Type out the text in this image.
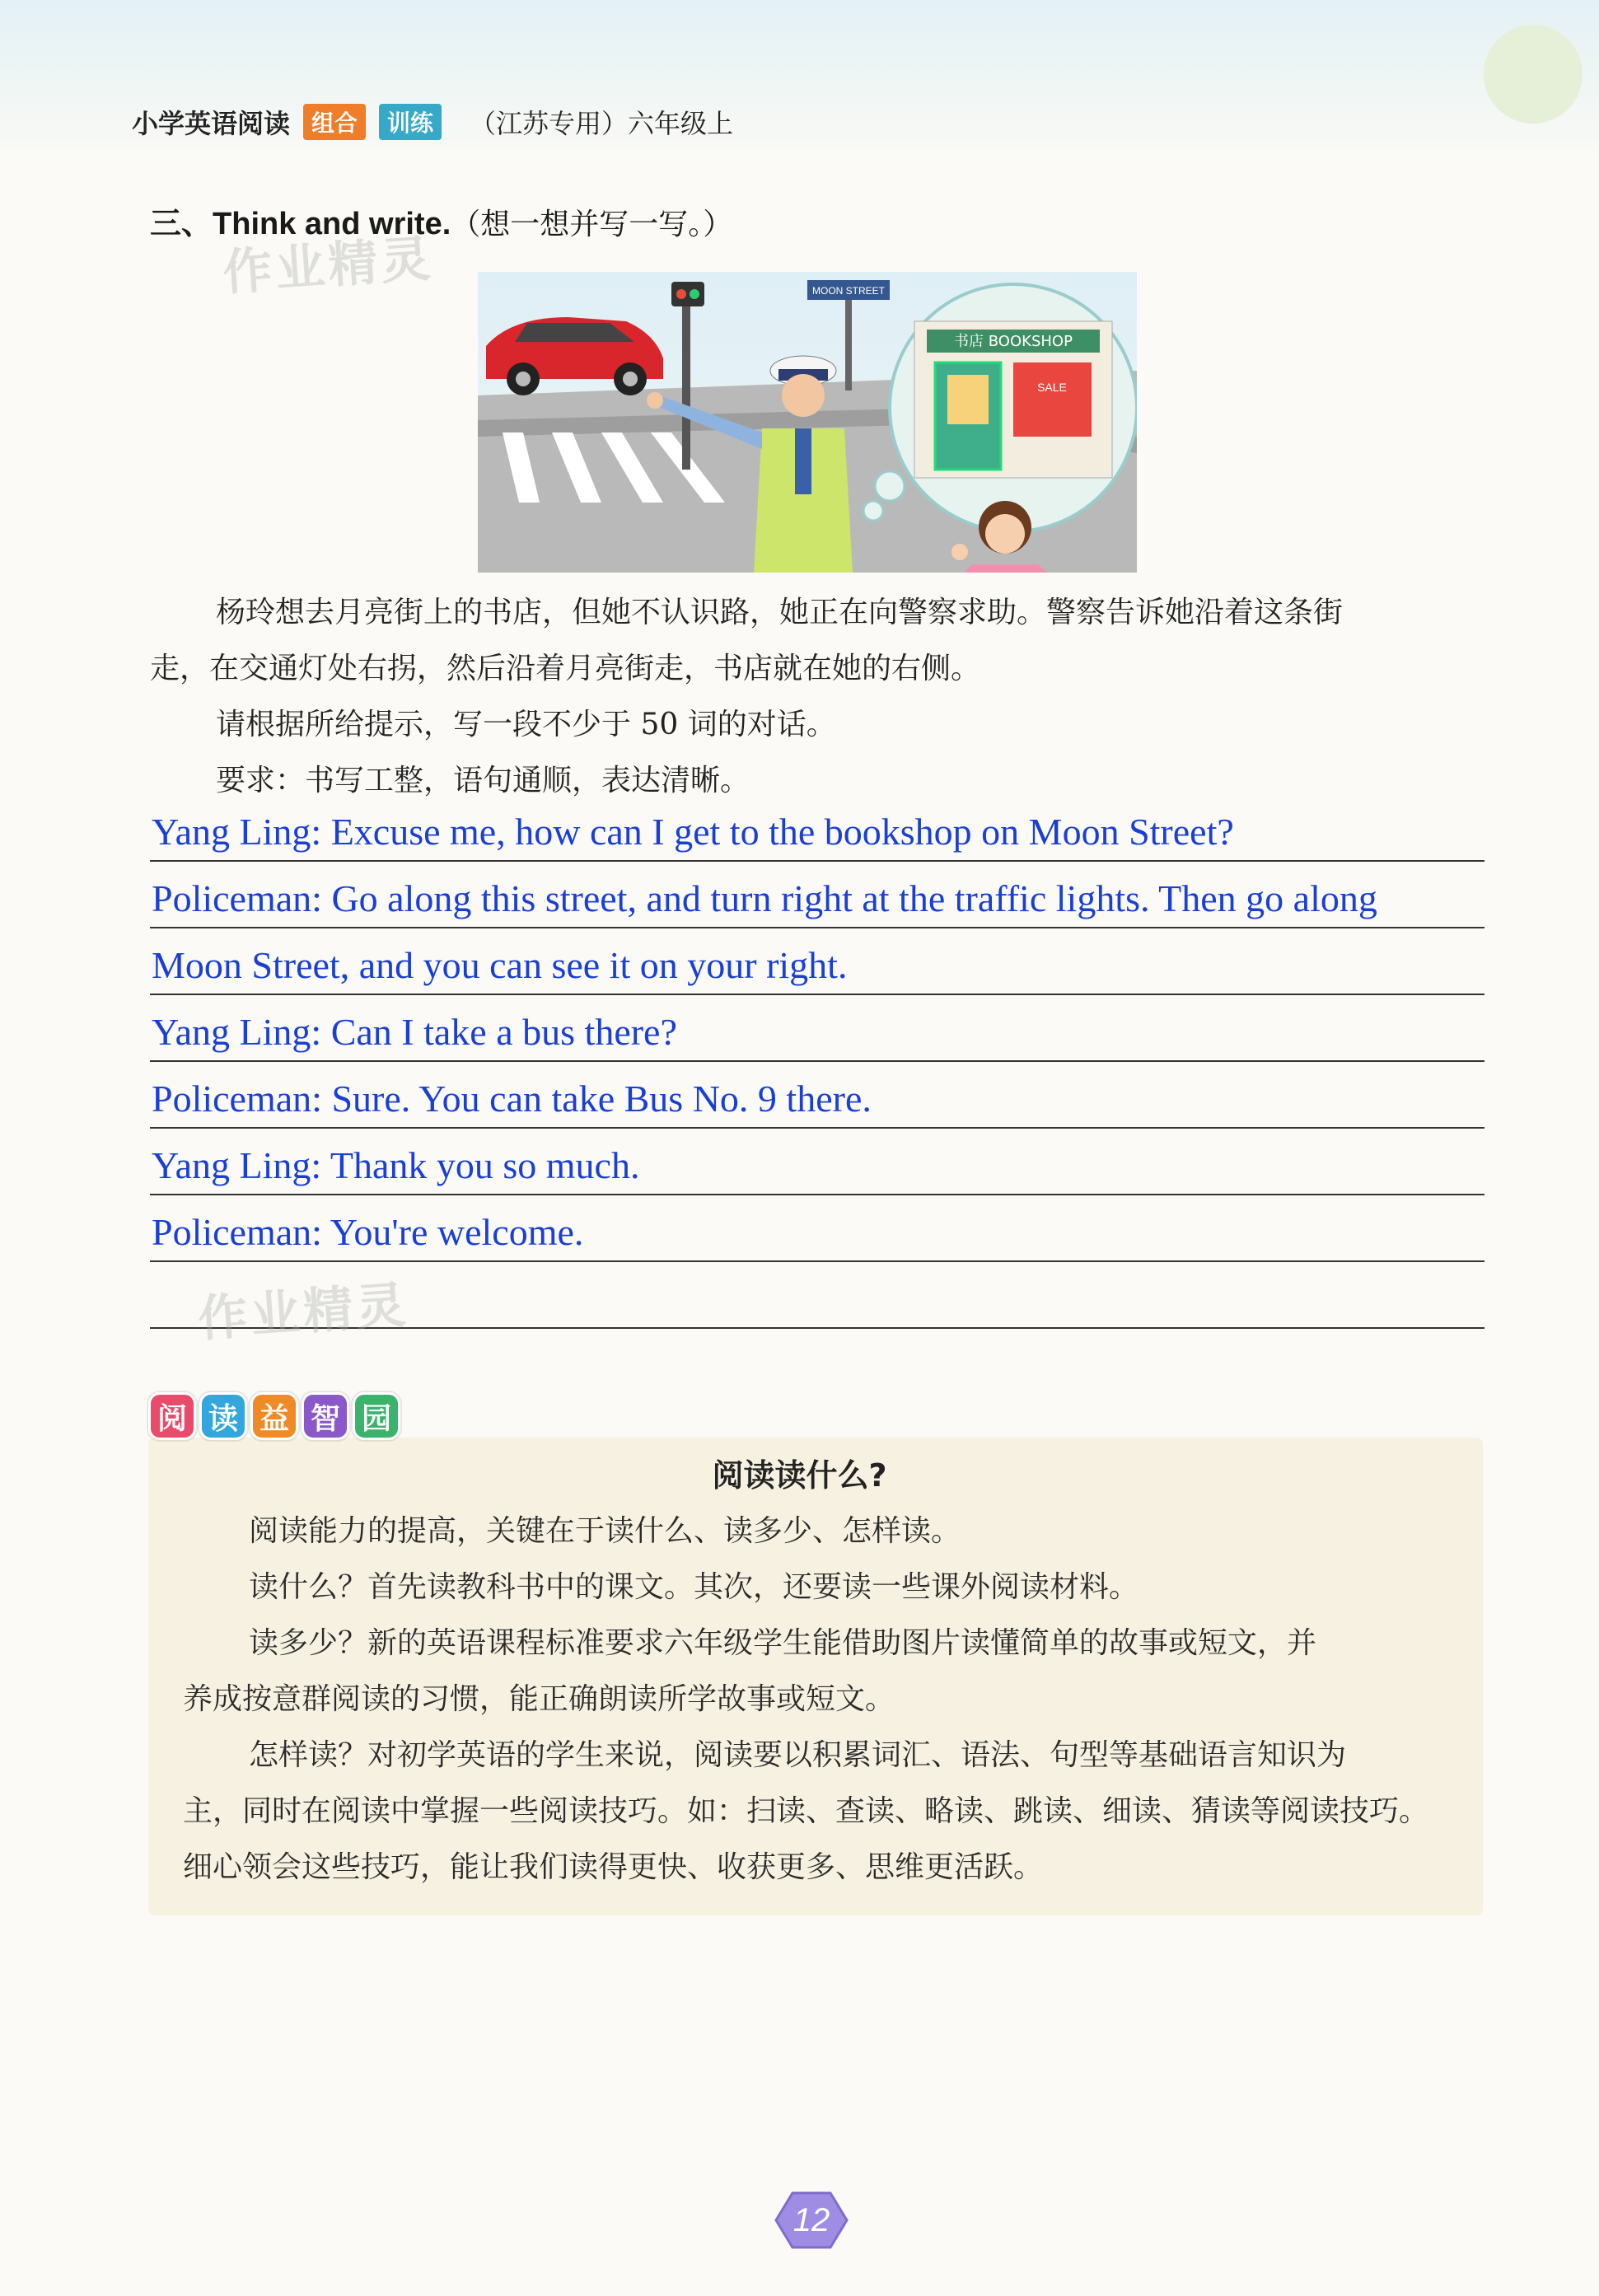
小学英语阅读 组合	训练	（江苏专用）六年级上
三、Think and write.（想一想并写一写。）
作业精灵	MOON STREET
书店 BOOKSHOP
SALE

杨玲想去月亮街上的书店，但她不认识路，她正在向警察求助。警察告诉她沿着这条街

走，在交通灯处右拐，然后沿着月亮街走，书店就在她的右侧。

请根据所给提示，写一段不少于 50 词的对话。

要求：书写工整，语句通顺，表达清晰。

Yang Ling: Excuse me, how can I get to the bookshop on Moon Street?
Policeman: Go along this street, and turn right at the traffic lights. Then go along
Moon Street, and you can see it on your right.
Yang Ling: Can I take a bus there?
Policeman: Sure. You can take Bus No. 9 there.
Yang Ling: Thank you so much.
Policeman: You're welcome.
作业精灵
阅 读 益 智 园
阅读读什么?

阅读能力的提高，关键在于读什么、读多少、怎样读。

读什么？首先读教科书中的课文。其次，还要读一些课外阅读材料。

读多少？新的英语课程标准要求六年级学生能借助图片读懂简单的故事或短文，并

养成按意群阅读的习惯，能正确朗读所学故事或短文。

怎样读？对初学英语的学生来说，阅读要以积累词汇、语法、句型等基础语言知识为

主，同时在阅读中掌握一些阅读技巧。如：扫读、查读、略读、跳读、细读、猜读等阅读技巧。

细心领会这些技巧，能让我们读得更快、收获更多、思维更活跃。

12
